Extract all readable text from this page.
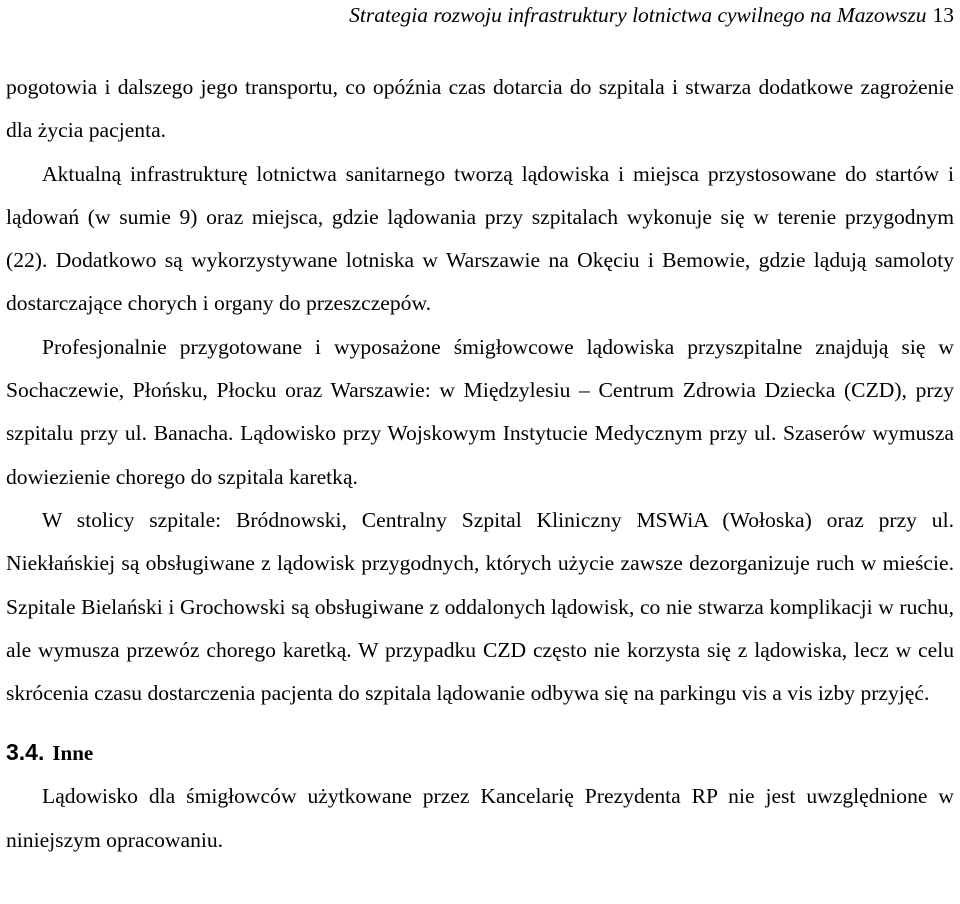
Strategia rozwoju infrastruktury lotnictwa cywilnego na Mazowszu 13

pogotowia i dalszego jego transportu, co opóźnia czas dotarcia do szpitala i stwarza dodatkowe zagrożenie dla życia pacjenta.

Aktualną infrastrukturę lotnictwa sanitarnego tworzą lądowiska i miejsca przystosowane do startów i lądowań (w sumie 9) oraz miejsca, gdzie lądowania przy szpitalach wykonuje się w terenie przygodnym (22). Dodatkowo są wykorzystywane lotniska w Warszawie na Okęciu i Bemowie, gdzie lądują samoloty dostarczające chorych i organy do przeszczepów.

Profesjonalnie przygotowane i wyposażone śmigłowcowe lądowiska przyszpitalne znajdują się w Sochaczewie, Płońsku, Płocku oraz Warszawie: w Międzylesiu – Centrum Zdrowia Dziecka (CZD), przy szpitalu przy ul. Banacha. Lądowisko przy Wojskowym Instytucie Medycznym przy ul. Szaserów wymusza dowiezienie chorego do szpitala karetką.

W stolicy szpitale: Bródnowski, Centralny Szpital Kliniczny MSWiA (Wołoska) oraz przy ul. Niekłańskiej są obsługiwane z lądowisk przygodnych, których użycie zawsze dezorganizuje ruch w mieście. Szpitale Bielański i Grochowski są obsługiwane z oddalonych lądowisk, co nie stwarza komplikacji w ruchu, ale wymusza przewóz chorego karetką. W przypadku CZD często nie korzysta się z lądowiska, lecz w celu skrócenia czasu dostarczenia pacjenta do szpitala lądowanie odbywa się na parkingu vis a vis izby przyjęć.

3.4. Inne

Lądowisko dla śmigłowców użytkowane przez Kancelarię Prezydenta RP nie jest uwzględnione w niniejszym opracowaniu.
